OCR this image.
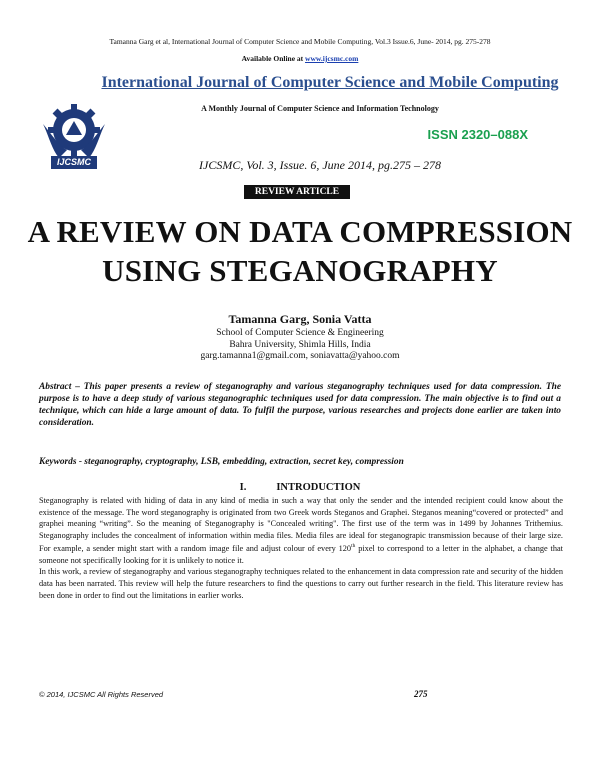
Tamanna Garg et al, International Journal of Computer Science and Mobile Computing, Vol.3 Issue.6, June- 2014, pg. 275-278
Available Online at www.ijcsmc.com
IJCSMC
International Journal of Computer Science and Mobile Computing
A Monthly Journal of Computer Science and Information Technology
ISSN 2320–088X
IJCSMC, Vol. 3, Issue. 6, June 2014, pg.275 – 278
REVIEW ARTICLE
A REVIEW ON DATA COMPRESSION
USING STEGANOGRAPHY
Tamanna Garg, Sonia Vatta
School of Computer Science & Engineering
Bahra University, Shimla Hills, India
garg.tamanna1@gmail.com, soniavatta@yahoo.com
Abstract – This paper presents a review of steganography and various steganography techniques used for data compression. The purpose is to have a deep study of various steganographic techniques used for data compression. The main objective is to find out a technique, which can hide a large amount of data. To fulfil the purpose, various researches and projects done earlier are taken into consideration.
Keywords - steganography, cryptography, LSB, embedding, extraction, secret key, compression
I.	INTRODUCTION

Steganography is related with hiding of data in any kind of media in such a way that only the sender and the intended recipient could know about the existence of the message. The word steganography is originated from two Greek words Steganos and Graphei. Steganos meaning“covered or protected” and graphei meaning “writing”. So the meaning of Steganography is "Concealed writing". The first use of the term was in 1499 by Johannes Trithemius. Steganography includes the concealment of information within media files. Media files are ideal for steganograpic transmission because of their large size. For example, a sender might start with a random image file and adjust colour of every 120th pixel to correspond to a letter in the alphabet, a change that someone not specifically looking for it is unlikely to notice it.

In this work, a review of steganography and various steganography techniques related to the enhancement in data compression rate and security of the hidden data has been narrated. This review will help the future researchers to find the questions to carry out further research in the field. This literature review has been done in order to find out the limitations in earlier works.

© 2014, IJCSMC All Rights Reserved	275
